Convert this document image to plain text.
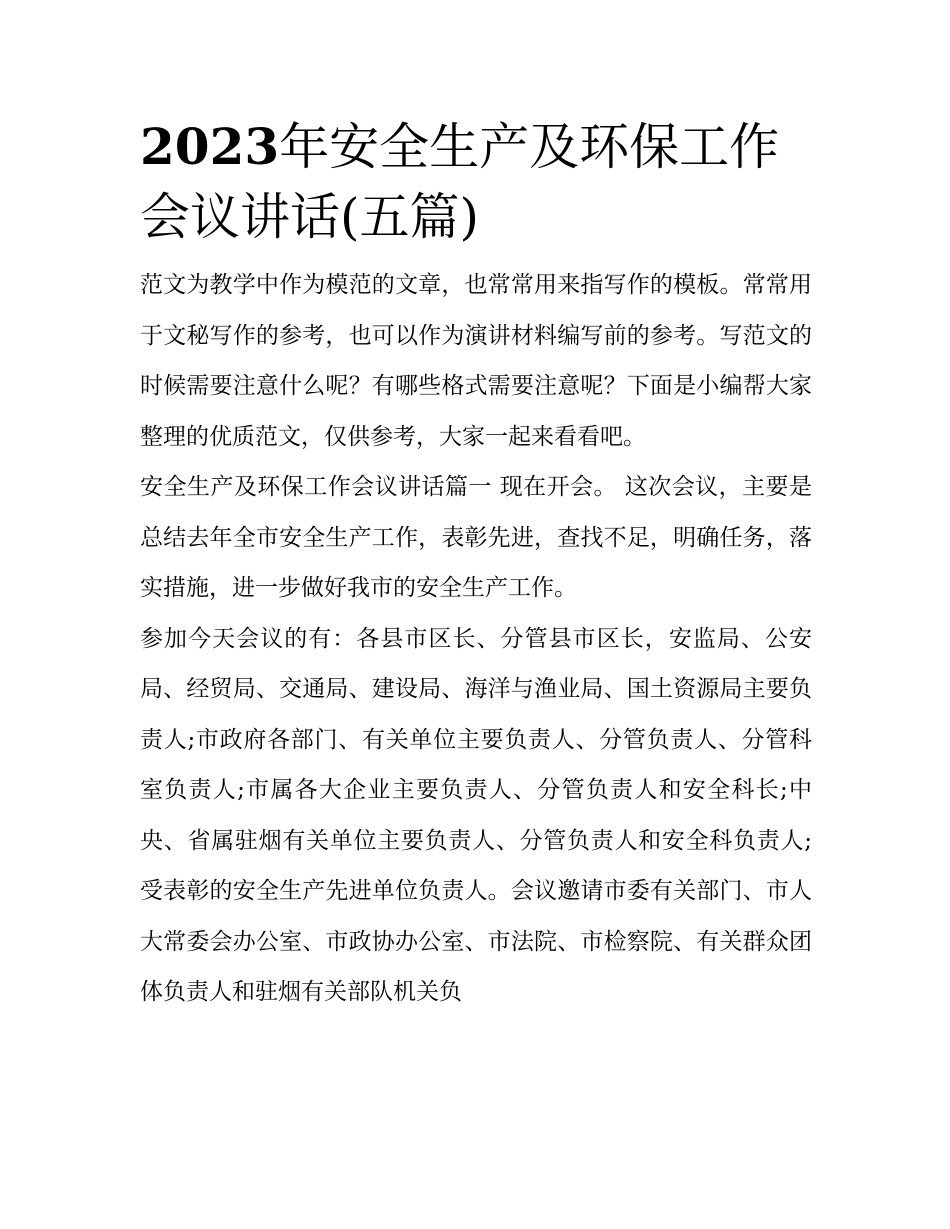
2023年安全生产及环保工作会议讲话(五篇)

范文为教学中作为模范的文章，也常常用来指写作的模板。常常用于文秘写作的参考，也可以作为演讲材料编写前的参考。写范文的时候需要注意什么呢？有哪些格式需要注意呢？下面是小编帮大家整理的优质范文，仅供参考，大家一起来看看吧。

安全生产及环保工作会议讲话篇一 现在开会。 这次会议，主要是总结去年全市安全生产工作，表彰先进，查找不足，明确任务，落实措施，进一步做好我市的安全生产工作。

参加今天会议的有：各县市区长、分管县市区长，安监局、公安局、经贸局、交通局、建设局、海洋与渔业局、国土资源局主要负责人;市政府各部门、有关单位主要负责人、分管负责人、分管科室负责人;市属各大企业主要负责人、分管负责人和安全科长;中央、省属驻烟有关单位主要负责人、分管负责人和安全科负责人;受表彰的安全生产先进单位负责人。会议邀请市委有关部门、市人大常委会办公室、市政协办公室、市法院、市检察院、有关群众团体负责人和驻烟有关部队机关负
